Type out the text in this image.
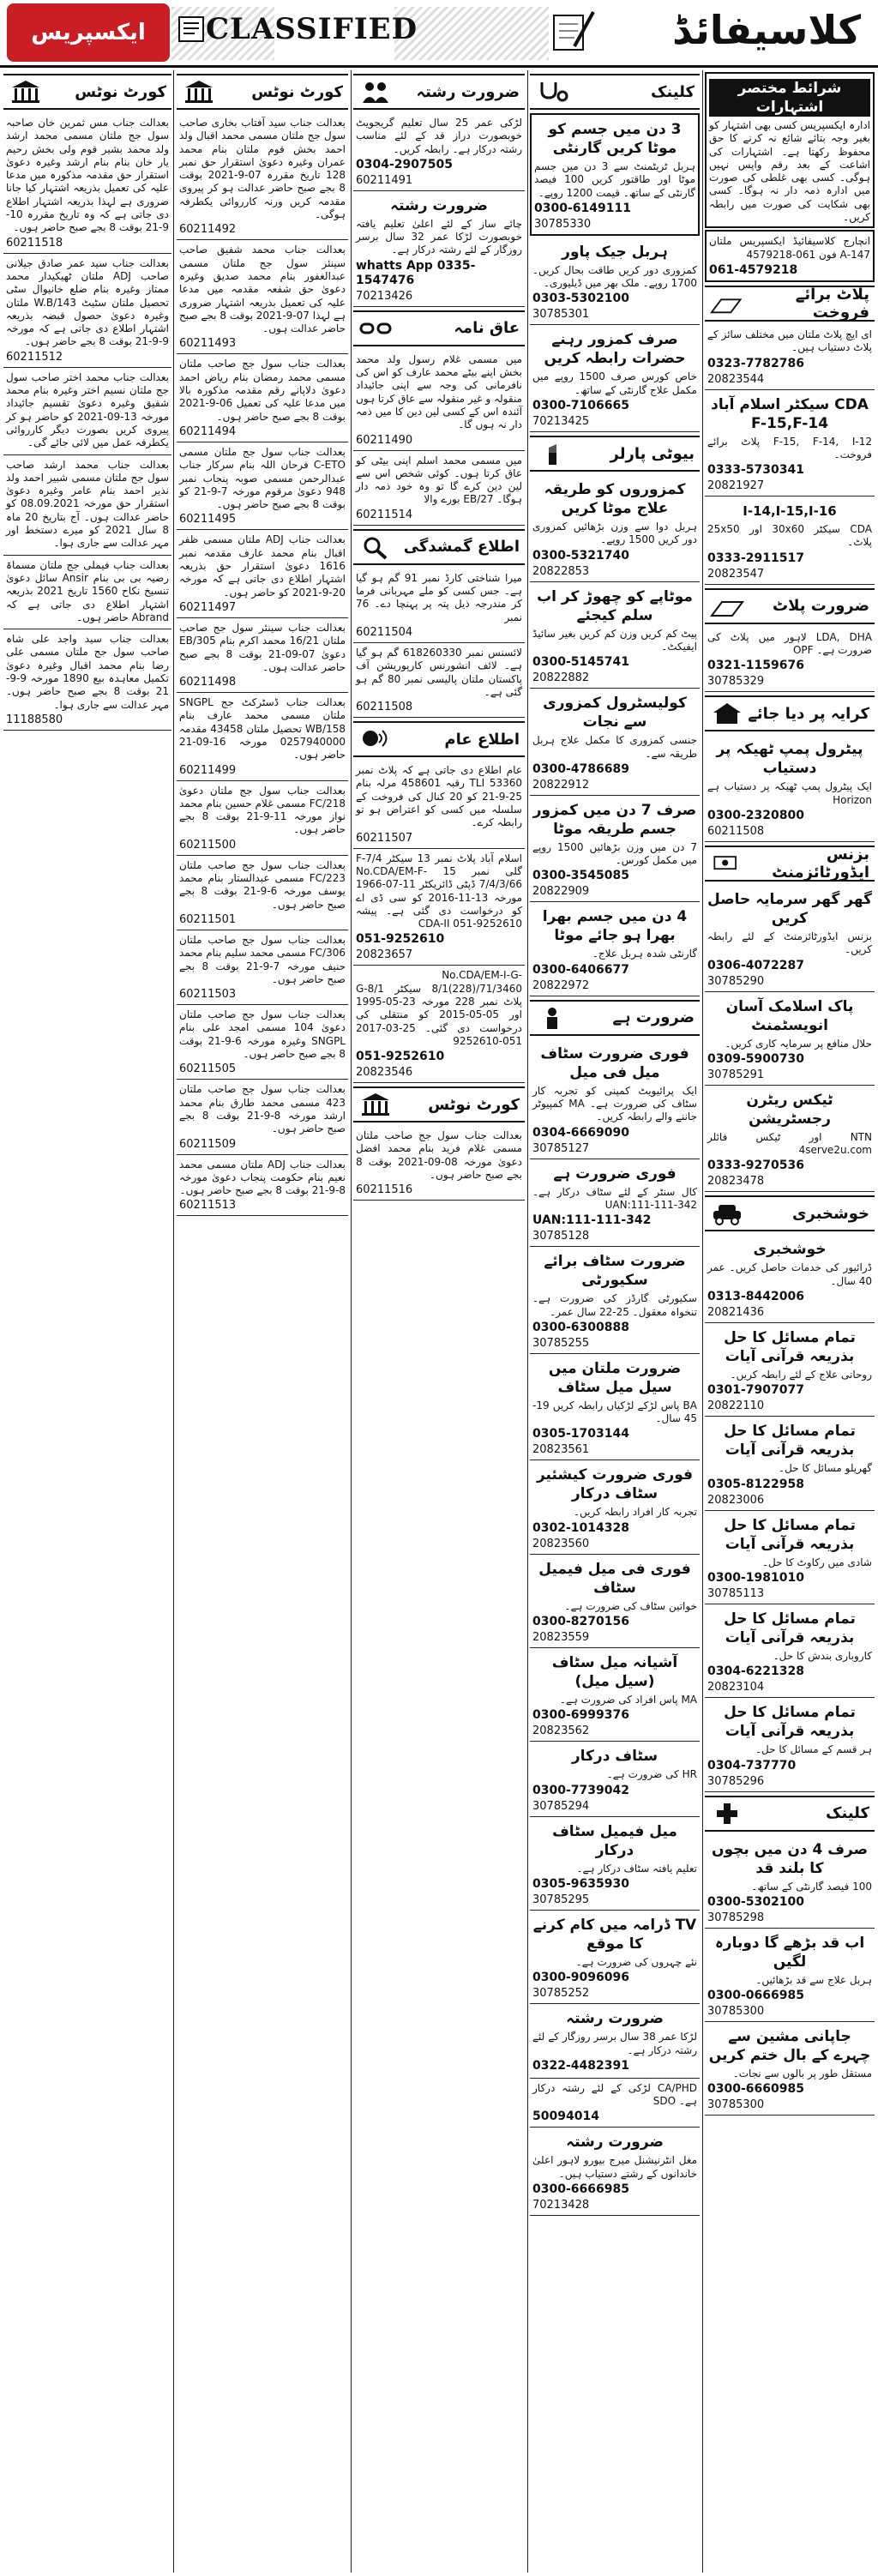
ایکسپریس	CLASSIFIED	کلاسیفائڈ
کورٹ نوٹس
بعدالت جناب مس ثمرین خان صاحبہ سول جج ملتان مسمی محمد ارشد ولد محمد بشیر قوم ولی بخش رحیم یار خان بنام بنام ارشد وغیرہ دعویٰ استقرار حق مقدمہ مذکورہ میں مدعا علیہ کی تعمیل بذریعہ اشتہار کیا جانا ضروری ہے لہذا بذریعہ اشتہار اطلاع دی جاتی ہے کہ وہ تاریخ مقررہ 10-9-21 بوقت 8 بجے صبح حاضر ہوں۔
60211518
بعدالت جناب سید عمر صادق جیلانی صاحب ADJ ملتان ٹھیکیدار محمد ممتاز وغیرہ بنام ضلع خانیوال سٹی تحصیل ملتان سٹیٹ 143/W.B ملتان وغیرہ دعویٰ حصول قبضہ بذریعہ اشتہار اطلاع دی جاتی ہے کہ مورخہ 9-9-21 بوقت 8 بجے حاضر ہوں۔
60211512
بعدالت جناب محمد اختر صاحب سول جج ملتان نسیم اختر وغیرہ بنام محمد شفیق وغیرہ دعویٰ تقسیم جائیداد مورخہ 13-09-2021 کو حاضر ہو کر پیروی کریں بصورت دیگر کارروائی یکطرفہ عمل میں لائی جائے گی۔
بعدالت جناب محمد ارشد صاحب سول جج ملتان مسمی شبیر احمد ولد نذیر احمد بنام عامر وغیرہ دعویٰ استقرار حق مورخہ 08.09.2021 کو حاضر عدالت ہوں۔ آج بتاریخ 20 ماہ 8 سال 2021 کو میرے دستخط اور مہر عدالت سے جاری ہوا۔
بعدالت جناب فیملی جج ملتان مسماۃ رضیہ بی بی بنام Ansir سائل دعویٰ تنسیخ نکاح 1560 تاریخ 2021 بذریعہ اشتہار اطلاع دی جاتی ہے کہ Abrand حاضر ہوں۔
بعدالت جناب سید واجد علی شاہ صاحب سول جج ملتان مسمی علی رضا بنام محمد اقبال وغیرہ دعویٰ تکمیل معاہدہ بیع 1890 مورخہ 9-9-21 بوقت 8 بجے صبح حاضر ہوں۔ مہر عدالت سے جاری ہوا۔
11188580
کورٹ نوٹس
بعدالت جناب سید آفتاب بخاری صاحب سول جج ملتان مسمی محمد اقبال ولد احمد بخش قوم ملتان بنام محمد عمران وغیرہ دعویٰ استقرار حق نمبر 128 تاریخ مقررہ 07-9-2021 بوقت 8 بجے صبح حاضر عدالت ہو کر پیروی مقدمہ کریں ورنہ کارروائی یکطرفہ ہوگی۔
60211492
بعدالت جناب محمد شفیق صاحب سینئر سول جج ملتان مسمی عبدالغفور بنام محمد صدیق وغیرہ دعویٰ حق شفعہ مقدمہ میں مدعا علیہ کی تعمیل بذریعہ اشتہار ضروری ہے لہذا 07-9-2021 بوقت 8 بجے صبح حاضر عدالت ہوں۔
60211493
بعدالت جناب سول جج صاحب ملتان مسمی محمد رمضان بنام ریاض احمد دعویٰ دلاپانے رقم مقدمہ مذکورہ بالا میں مدعا علیہ کی تعمیل 06-9-2021 بوقت 8 بجے صبح حاضر ہوں۔
60211494
بعدالت جناب سول جج ملتان مسمی C-ETO فرحان اللہ بنام سرکار جناب عبدالرحمن مسمی صوبہ پنجاب نمبر 948 دعویٰ مرقوم مورخہ 7-9-21 کو بوقت 8 بجے صبح حاضر ہوں۔
60211495
بعدالت جناب ADJ ملتان مسمی ظفر اقبال بنام محمد عارف مقدمہ نمبر 1616 دعویٰ استقرار حق بذریعہ اشتہار اطلاع دی جاتی ہے کہ مورخہ 20-9-2021 کو حاضر ہوں۔
60211497
بعدالت جناب سینئر سول جج صاحب ملتان 16/21 محمد اکرم بنام 305/EB دعویٰ 07-09-21 بوقت 8 بجے صبح حاضر عدالت ہوں۔
60211498
بعدالت جناب ڈسٹرکٹ جج SNGPL ملتان مسمی محمد عارف بنام 158/WB تحصیل ملتان 43458 مقدمہ 0257940000 مورخہ 16-09-21 حاضر ہوں۔
60211499
بعدالت جناب سول جج ملتان دعویٰ 218/FC مسمی غلام حسین بنام محمد نواز مورخہ 11-9-21 بوقت 8 بجے حاضر ہوں۔
60211500
بعدالت جناب سول جج صاحب ملتان 223/FC مسمی عبدالستار بنام محمد یوسف مورخہ 6-9-21 بوقت 8 بجے صبح حاضر ہوں۔
60211501
بعدالت جناب سول جج صاحب ملتان 306/FC مسمی محمد سلیم بنام محمد حنیف مورخہ 7-9-21 بوقت 8 بجے صبح حاضر ہوں۔
60211503
بعدالت جناب سول جج صاحب ملتان دعویٰ 104 مسمی امجد علی بنام SNGPL وغیرہ مورخہ 6-9-21 بوقت 8 بجے صبح حاضر ہوں۔
60211505
بعدالت جناب سول جج صاحب ملتان 423 مسمی محمد طارق بنام محمد ارشد مورخہ 8-9-21 بوقت 8 بجے صبح حاضر ہوں۔
60211509
بعدالت جناب ADJ ملتان مسمی محمد نعیم بنام حکومت پنجاب دعویٰ مورخہ 8-9-21 بوقت 8 بجے صبح حاضر ہوں۔
60211513
ضرورت رشتہ
لڑکی عمر 25 سال تعلیم گریجویٹ خوبصورت دراز قد کے لئے مناسب رشتہ درکار ہے۔ رابطہ کریں۔
0304-2907505
60211491
ضرورت رشتہ
چائے ساز کے لئے اعلیٰ تعلیم یافتہ خوبصورت لڑکا عمر 32 سال برسر روزگار کے لئے رشتہ درکار ہے۔
whatts App 0335-1547476
70213426
عاق نامہ
میں مسمی غلام رسول ولد محمد بخش اپنے بیٹے محمد عارف کو اس کی نافرمانی کی وجہ سے اپنی جائیداد منقولہ و غیر منقولہ سے عاق کرتا ہوں آئندہ اس کے کسی لین دین کا میں ذمہ دار نہ ہوں گا۔
60211490
میں مسمی محمد اسلم اپنی بیٹی کو عاق کرتا ہوں۔ کوئی شخص اس سے لین دین کرے گا تو وہ خود ذمہ دار ہوگا۔ 27/EB بورے والا
60211514
اطلاع گمشدگی
میرا شناختی کارڈ نمبر 91 گم ہو گیا ہے۔ جس کسی کو ملے مہربانی فرما کر مندرجہ ذیل پتہ پر پہنچا دے۔ 76 نمبر
60211504
لائسنس نمبر 618260330 گم ہو گیا ہے۔ لائف انشورنس کارپوریشن آف پاکستان ملتان پالیسی نمبر 80 گم ہو گئی ہے۔
60211508
اطلاع عام
عام اطلاع دی جاتی ہے کہ پلاٹ نمبر 53360 TLI رقبہ 458601 مرلہ بنام 25-9-21 کو 20 کنال کی فروخت کے سلسلہ میں کسی کو اعتراض ہو تو رابطہ کرے۔
60211507
اسلام آباد پلاٹ نمبر 13 سیکٹر F-7/4 گلی نمبر 15 No.CDA/EM-F-7/4/3/66 ڈپٹی ڈائریکٹر 11-07-1966 مورخہ 13-11-2016 کو سی ڈی اے کو درخواست دی گئی ہے۔ پیشہ CDA-II 051-9252610
051-9252610
20823657
No.CDA/EM-I-G-8/1(228)/71/3460 سیکٹر G-8/1 پلاٹ نمبر 228 مورخہ 23-05-1995 اور 05-05-2015 کو منتقلی کی درخواست دی گئی۔ 25-03-2017 051-9252610
051-9252610
20823546
کورٹ نوٹس
بعدالت جناب سول جج صاحب ملتان مسمی غلام فرید بنام محمد افضل دعویٰ مورخہ 08-09-2021 بوقت 8 بجے صبح حاضر ہوں۔
60211516
کلینک
3 دن میں جسم کو موٹا کریں گارنٹی
ہربل ٹریٹمنٹ سے 3 دن میں جسم موٹا اور طاقتور کریں 100 فیصد گارنٹی کے ساتھ۔ قیمت 1200 روپے۔
0300-6149111
30785330
ہربل جیک پاور
کمزوری دور کریں طاقت بحال کریں۔ 1700 روپے۔ ملک بھر میں ڈیلیوری۔
0303-5302100
30785301
صرف کمزور رہنے حضرات رابطہ کریں
خاص کورس صرف 1500 روپے میں مکمل علاج گارنٹی کے ساتھ۔
0300-7106665
70213425
بیوٹی پارلر
کمزوروں کو طریقہ علاج موٹا کریں
ہربل دوا سے وزن بڑھائیں کمزوری دور کریں 1500 روپے۔
0300-5321740
20822853
موٹاپے کو چھوڑ کر اب سلم کیجئے
پیٹ کم کریں وزن کم کریں بغیر سائیڈ ایفیکٹ۔
0300-5145741
20822882
کولیسٹرول کمزوری سے نجات
جنسی کمزوری کا مکمل علاج ہربل طریقہ سے۔
0300-4786689
20822912
صرف 7 دن میں کمزور جسم طریقہ موٹا
7 دن میں وزن بڑھائیں 1500 روپے میں مکمل کورس۔
0300-3545085
20822909
4 دن میں جسم بھرا بھرا ہو جائے موٹا
گارنٹی شدہ ہربل علاج۔
0300-6406677
20822972
ضرورت ہے
فوری ضرورت سٹاف میل فی میل
ایک پرائیویٹ کمپنی کو تجربہ کار سٹاف کی ضرورت ہے۔ MA کمپیوٹر جاننے والے رابطہ کریں۔
0304-6669090
30785127
فوری ضرورت ہے
کال سنٹر کے لئے سٹاف درکار ہے۔ UAN:111-111-342
UAN:111-111-342
30785128
ضرورت سٹاف برائے سکیورٹی
سکیورٹی گارڈز کی ضرورت ہے۔ تنخواہ معقول۔ 25-22 سال عمر۔
0300-6300888
30785255
ضرورت ملتان میں سیل میل سٹاف
BA پاس لڑکے لڑکیاں رابطہ کریں 19-45 سال۔
0305-1703144
20823561
فوری ضرورت کیشئیر سٹاف درکار
تجربہ کار افراد رابطہ کریں۔
0302-1014328
20823560
فوری فی میل فیمیل سٹاف
خواتین سٹاف کی ضرورت ہے۔
0300-8270156
20823559
آشیانہ میل سٹاف (سیل میل)
MA پاس افراد کی ضرورت ہے۔
0300-6999376
20823562
سٹاف درکار
HR کی ضرورت ہے۔
0300-7739042
30785294
میل فیمیل سٹاف درکار
تعلیم یافتہ سٹاف درکار ہے۔
0305-9635930
30785295
TV ڈرامہ میں کام کرنے کا موقع
نئے چہروں کی ضرورت ہے۔
0300-9096096
30785252
ضرورت رشتہ
لڑکا عمر 38 سال برسر روزگار کے لئے رشتہ درکار ہے۔
0322-4482391
CA/PHD لڑکی کے لئے رشتہ درکار ہے۔ SDO
50094014
ضرورت رشتہ
مغل انٹرنیشنل میرج بیورو لاہور اعلیٰ خاندانوں کے رشتے دستیاب ہیں۔
0300-6666985
70213428
شرائط مختصر اشتہارات
ادارہ ایکسپریس کسی بھی اشتہار کو بغیر وجہ بتائے شائع نہ کرنے کا حق محفوظ رکھتا ہے۔ اشتہارات کی اشاعت کے بعد رقم واپس نہیں ہوگی۔ کسی بھی غلطی کی صورت میں ادارہ ذمہ دار نہ ہوگا۔ کسی بھی شکایت کی صورت میں رابطہ کریں۔
انچارج کلاسیفائیڈ ایکسپریس ملتان 147-A فون 061-4579218
061-4579218
پلاٹ برائے فروخت
ای ایچ پلاٹ ملتان میں مختلف سائز کے پلاٹ دستیاب ہیں۔
0323-7782786
20823544
CDA سیکٹر اسلام آباد F-15,F-14
F-15, F-14, I-12 پلاٹ برائے فروخت۔
0333-5730341
20821927
I-14,I-15,I-16
CDA سیکٹر 30x60 اور 25x50 پلاٹ۔
0333-2911517
20823547
ضرورت پلاٹ
LDA, DHA لاہور میں پلاٹ کی ضرورت ہے۔ OPF
0321-1159676
30785329
کرایہ پر دیا جائے
پیٹرول پمپ ٹھیکہ پر دستیاب
ایک پیٹرول پمپ ٹھیکہ پر دستیاب ہے Horizon
0300-2320800
60211508
بزنس ایڈورٹائزمنٹ
گھر گھر سرمایہ حاصل کریں
بزنس ایڈورٹائزمنٹ کے لئے رابطہ کریں۔
0306-4072287
30785290
پاک اسلامک آسان انویسٹمنٹ
حلال منافع پر سرمایہ کاری کریں۔
0309-5900730
30785291
ٹیکس ریٹرن رجسٹریشن
NTN اور ٹیکس فائلر 4serve2u.com
0333-9270536
20823478
خوشخبری
خوشخبری
ڈرائیور کی خدمات حاصل کریں۔ عمر 40 سال۔
0313-8442006
20821436
تمام مسائل کا حل بذریعہ قرآنی آیات
روحانی علاج کے لئے رابطہ کریں۔
0301-7907077
20822110
تمام مسائل کا حل بذریعہ قرآنی آیات
گھریلو مسائل کا حل۔
0305-8122958
20823006
تمام مسائل کا حل بذریعہ قرآنی آیات
شادی میں رکاوٹ کا حل۔
0300-1981010
30785113
تمام مسائل کا حل بذریعہ قرآنی آیات
کاروباری بندش کا حل۔
0304-6221328
20823104
تمام مسائل کا حل بذریعہ قرآنی آیات
ہر قسم کے مسائل کا حل۔
0304-737770
30785296
کلینک
صرف 4 دن میں بچوں کا بلند قد
100 فیصد گارنٹی کے ساتھ۔
0300-5302100
30785298
اب قد بڑھے گا دوبارہ لگیں
ہربل علاج سے قد بڑھائیں۔
0300-0666985
30785300
جاپانی مشین سے چہرے کے بال ختم کریں
مستقل طور پر بالوں سے نجات۔
0300-6660985
30785300
